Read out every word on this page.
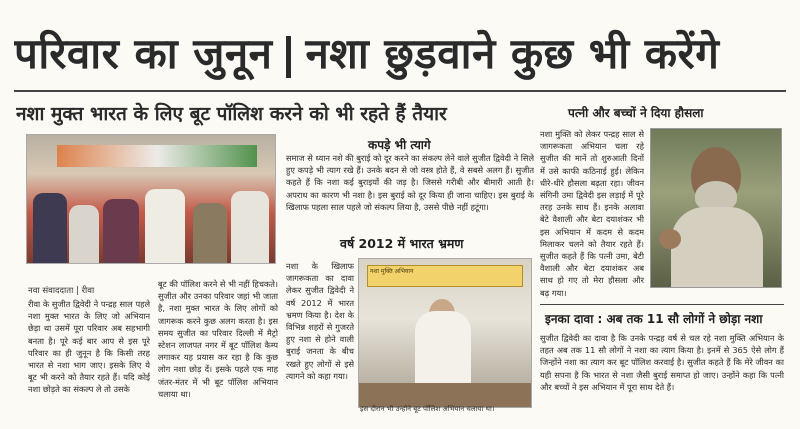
परिवार का जुनून नशा छुड़वाने कुछ भी करेंगे
नशा मुक्त भारत के लिए बूट पॉलिश करने को भी रहते हैं तैयार	पत्नी और बच्चों ने दिया हौसला
नवा संवाददाता | रीवा
कपड़े भी त्यागे
समाज से ध्यान नशे की बुराई को दूर करने का संकल्प लेने वाले सुजीत द्विवेदी ने सिले हुए कपड़े भी त्याग रखे हैं। उनके बदन से जो वस्त्र होते हैं, वे सबसे अलग हैं। सुजीत कहते हैं कि नशा कई बुराइयों की जड़ है। जिससे गरीबी और बीमारी आती है। अपराध का कारण भी नशा है। इस बुराई को दूर किया ही जाना चाहिए। इस बुराई के खिलाफ पहला साल पहले जो संकल्प लिया है, उससे पीछे नहीं हटूंगा।
वर्ष 2012 में भारत भ्रमण
नशा के खिलाफ जागरूकता का दावा लेकर सुजीत द्विवेदी ने वर्ष 2012 में भारत भ्रमण किया है। देश के विभिन्न शहरों से गुजरते हुए नशा से होने वाली बुराई जनता के बीच रखते हुए लोगों से इसे त्यागने को कहा गया।
नशा मुक्ति अभियान
इस दौरान भी उन्होंने बूट पॉलिश अभियान चलाया था।
रीवा के सुजीत द्विवेदी ने पन्द्रह साल पहले नशा मुक्त भारत के लिए जो अभियान छेड़ा था उसमें पूरा परिवार अब सहभागी बनता है। पूरे कई बार आप से इस पूरे परिवार का ही जुनून है कि किसी तरह भारत से नशा भाग जाए। इसके लिए ये बूट भी करने को तैयार रहते हैं। यदि कोई नशा छोड़ते का संकल्प ले तो उसके
बूट की पॉलिश करने से भी नहीं हिचकते। सुजीत और उनका परिवार जहां भी जाता है, नशा मुक्त भारत के लिए लोगों को जागरूक करने कुछ अलग करता है। इस समय सुजीत का परिवार दिल्ली में मैट्रो स्टेशन लाजपत नगर में बूट पॉलिश कैम्प लगाकर यह प्रयास कर रहा है कि कुछ लोग नशा छोड़ दें। इसके पहले एक माह जंतर-मंतर में भी बूट पॉलिश अभियान चलाया था।
नशा मुक्ति को लेकर पन्द्रह साल से जागरूकता अभियान चला रहे सुजीत की मानें तो शुरुआती दिनों में उसे काफी कठिनाई हुई। लेकिन धीरे-धीरे हौसला बढ़ता रहा। जीवन संगिनी उमा द्विवेदी इस लड़ाई में पूरे तरह उनके साथ हैं। इनके अलावा बेटे वैशाली और बेटा दयाशंकर भी इस अभियान में कदम से कदम मिलाकर चलने को तैयार रहते हैं। सुजीत कहते हैं कि पत्नी उमा, बेटी वैशाली और बेटा दयाशंकर अब साथ हो गए तो मेरा हौसला और बढ़ गया।
इनका दावा : अब तक 11 सौ लोगों ने छोड़ा नशा
सुजीत द्विवेदी का दावा है कि उनके पन्द्रह वर्ष से चल रहे नशा मुक्ति अभियान के तहत अब तक 11 सौ लोगों ने नशा का त्याग किया है। इनमें से 365 ऐसे लोग हैं जिन्होंने नशा का त्याग कर बूट पॉलिश करवाई है। सुजीत कहते हैं कि मेरे जीवन का यही सपना है कि भारत से नशा जैसी बुराई समाप्त हो जाए। उन्होंने कहा कि पत्नी और बच्चों ने इस अभियान में पूरा साथ देते हैं।
